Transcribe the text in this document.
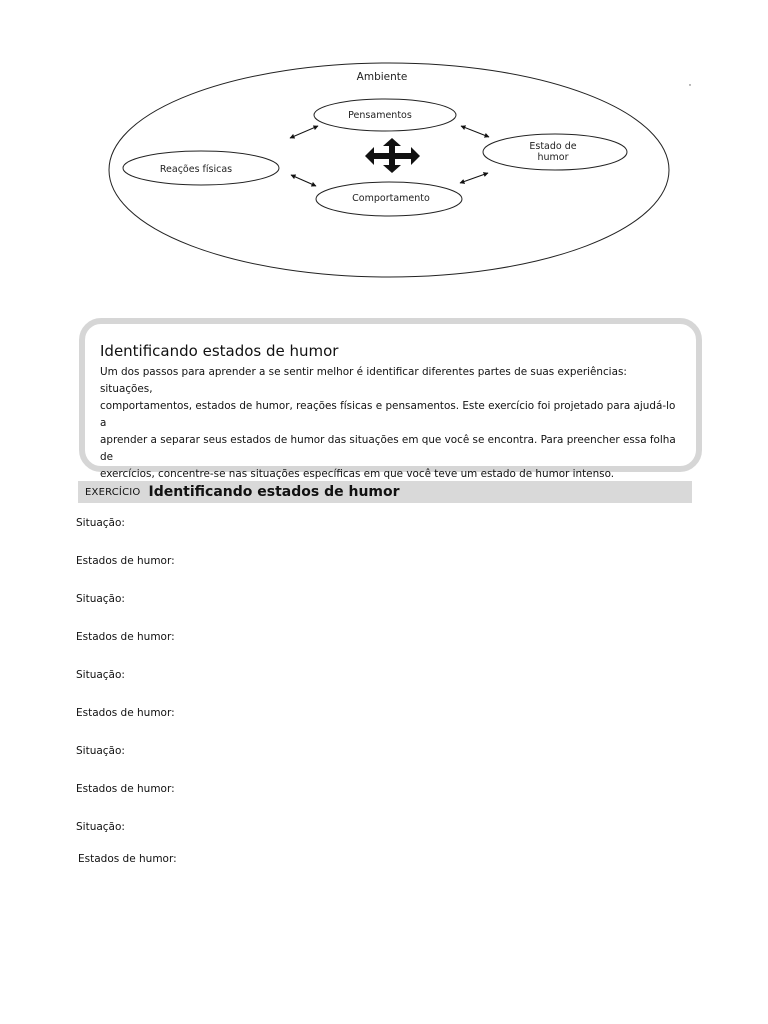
Ambiente
Pensamentos
Estado de
humor
Reações físicas
Comportamento
Identificando estados de humor
Um dos passos para aprender a se sentir melhor é identificar diferentes partes de suas experiências: situações,
comportamentos, estados de humor, reações físicas e pensamentos. Este exercício foi projetado para ajudá-lo a
aprender a separar seus estados de humor das situações em que você se encontra. Para preencher essa folha de
exercícios, concentre-se nas situações específicas em que você teve um estado de humor intenso.
EXERCÍCIO Identificando estados de humor
Situação:
Estados de humor:
Situação:
Estados de humor:
Situação:
Estados de humor:
Situação:
Estados de humor:
Situação:
Estados de humor:
